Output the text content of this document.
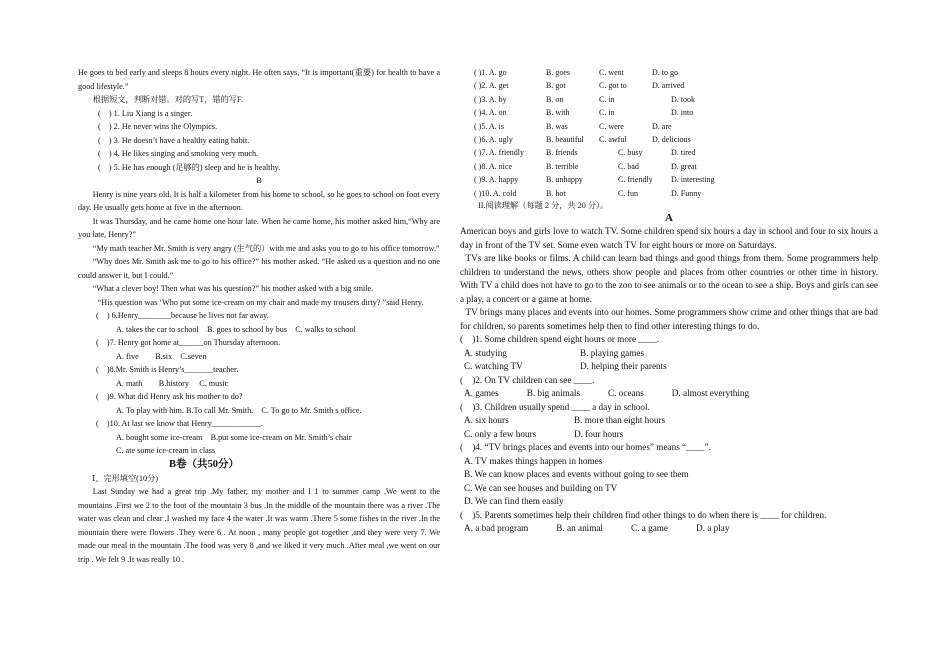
He goes to bed early and sleeps 8 hours every night. He often says, “It is important(重要) for health to have a good lifestyle.”

根据短文，判断对错。对的写T，错的写F.

(　) 1. Liu Xiang is a singer.

(　) 2. He never wins the Olympics.

(　) 3. He doesn’t have a healthy eating habit.

(　) 4. He likes singing and smoking very much.

(　) 5. He has enough (足够的) sleep and he is healthy.

B

Henry is nine years old. It is half a kilometer from his home to school, so he goes to school on foot every day. He usually gets home at five in the afternoon.

It was Thursday, and he came home one hour late. When he came home, his mother asked him,“Why are you late, Henry?”

“My math teacher Mr. Smith is very angry (生气的）with me and asks you to go to his office tomorrow.”

“Why does Mr. Smith ask me to go to his office?” his mother asked. “He asked us a question and no one could answer it, but I could.”

“What a clever boy! Then what was his question?” his mother asked with a big smile.

“His question was ‘Who put some ice-cream on my chair and made my trousers dirty? ”said Henry.

(　) 6.Henry________because he lives not far away.

A. takes the car to school　B. goes to school by bus　C. walks to school

(　)7. Henry got home at______on Thursday afternoon.

A. five　　B.six　C.seven

(　)8.Mr. Smith is Henry’s_______teacher.

A. math　　B.history　 C. music

(　)9. What did Henry ask his mother to do?

A. To play with him. B.To call Mr. Smith.　C. To go to Mr. Smith s office.

(　)10. At last we know that Henry____________.

A. bought some ice-cream　B.put some ice-cream on Mr. Smith’s chair

C. ate some ice-cream in class

B卷（共50分）

Ⅰ、完形填空(10分)

Last Sunday we had a great trip .My father, my mother and I 1 to summer camp .We went to the mountains .First we 2 to the foot of the mountain 3 bus .In the middle of the mountain there was a river .The water was clean and clear .I washed my face 4 the water .It was warm .There 5 some fishes in the river .In the mountain there were flowers .They were 6 . At noon , many people got together ,and they were very 7. We made our meal in the mountain .The food was very 8 ,and we liked it very much .After meal ,we went on our trip . We felt 9 .It was really 10 .

( )1. A. go	B. goes	C. went	D. to go
( )2. A. get	B. got	C. got to	D. arrived
( )3. A. by	B. on	C. in	D. took
( )4. A. on	B. with	C. in	D. into
( )5. A. is	B. was	C. were	D. are
( )6. A. ugly	B. beautiful	C. awful	D. delicious
( )7. A. friendly	B. friends	C. busy	D. tired
( )8. A. nice	B. terrible	C. bad	D. great
( )9. A. happy	B. unhappy	C. friendly	D. interesting
( )10. A. cold	B. hot	C. fun	D. Funny

II.阅读理解（每题 2 分，共 20 分）。

A

American boys and girls love to watch TV. Some children spend six hours a day in school and four to six hours a day in front of the TV set. Some even watch TV for eight hours or more on Saturdays.

TVs are like books or films. A child can learn bad things and good things from them. Some programmers help children to understand the news, others show people and places from other countries or other time in history. With TV a child does not have to go to the zoo to see animals or to the ocean to see a ship. Boys and girls can see a play, a concert or a game at home.

TV brings many places and events into our homes. Some programmers show crime and other things that are bad for children, so parents sometimes help then to find other interesting things to do.

(　)1. Some children spend eight hours or more ____.

A. studying	B. playing games
C. watching TV	D. helping their parents

(　)2. On TV children can see ____.

A. games	B. big animals	C. oceans	D. almost everything

(　)3. Children usually spend ____ a day in school.

A. six hours	B. more than eight hours
C. only a few hours	D. four hours

(　)4. “TV brings places and events into our homes” means “____”.

A. TV makes things happen in homes
B. We can know places and events without going to see them
C. We can see houses and building on TV
D. We can find them easily

(　)5. Parents sometimes help their children find other things to do when there is ____ for children.

A. a bad program	B. an animal	C. a game	D. a play
